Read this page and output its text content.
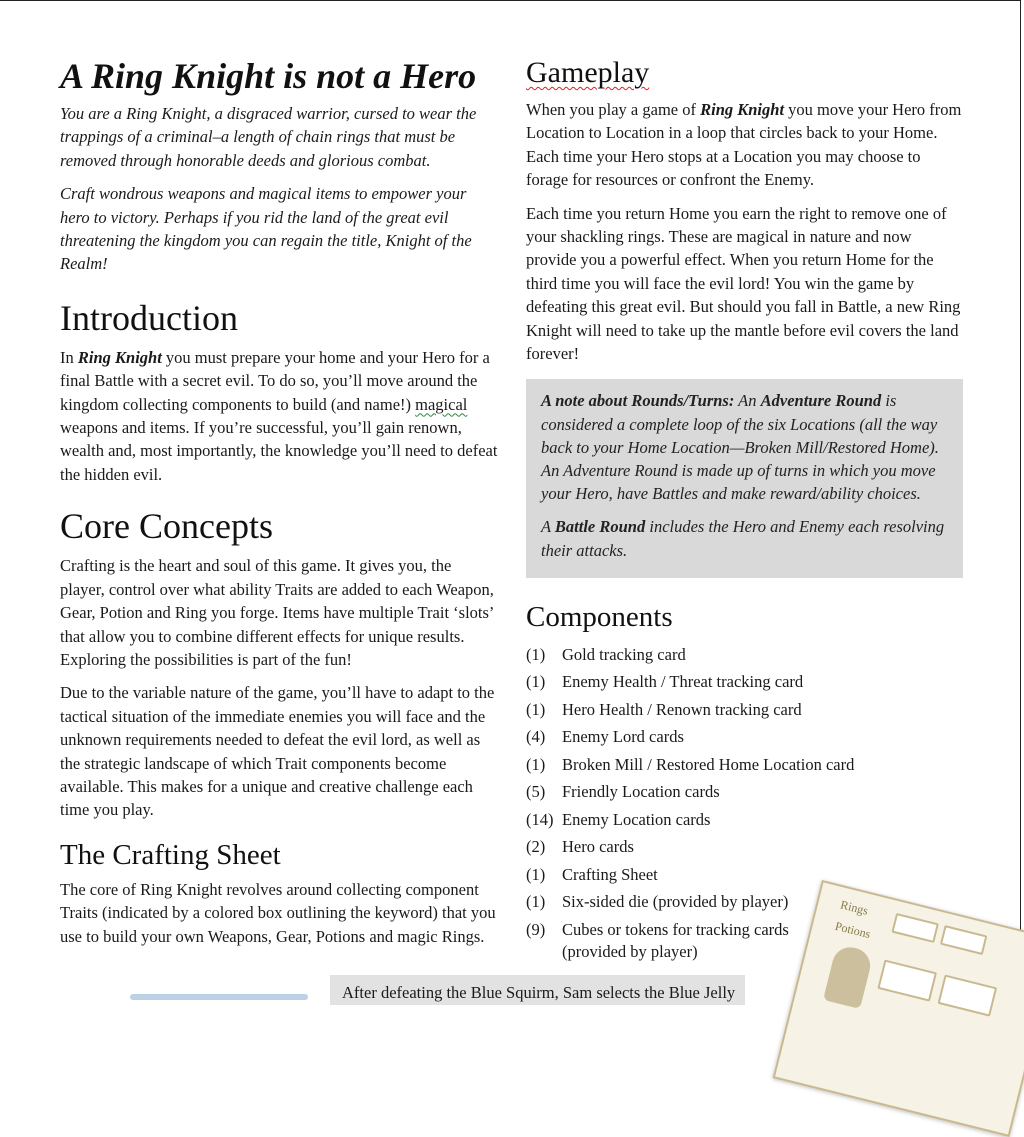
A Ring Knight is not a Hero

You are a Ring Knight, a disgraced warrior, cursed to wear the trappings of a criminal–a length of chain rings that must be removed through honorable deeds and glorious combat.

Craft wondrous weapons and magical items to empower your hero to victory. Perhaps if you rid the land of the great evil threatening the kingdom you can regain the title, Knight of the Realm!

Introduction

In Ring Knight you must prepare your home and your Hero for a final Battle with a secret evil. To do so, you’ll move around the kingdom collecting components to build (and name!) magical weapons and items. If you’re successful, you’ll gain renown, wealth and, most importantly, the knowledge you’ll need to defeat the hidden evil.

Core Concepts

Crafting is the heart and soul of this game. It gives you, the player, control over what ability Traits are added to each Weapon, Gear, Potion and Ring you forge. Items have multiple Trait ‘slots’ that allow you to combine different effects for unique results. Exploring the possibilities is part of the fun!

Due to the variable nature of the game, you’ll have to adapt to the tactical situation of the immediate enemies you will face and the unknown requirements needed to defeat the evil lord, as well as the strategic landscape of which Trait components become available. This makes for a unique and creative challenge each time you play.

The Crafting Sheet

The core of Ring Knight revolves around collecting component Traits (indicated by a colored box outlining the keyword) that you use to build your own Weapons, Gear, Potions and magic Rings.

Gameplay

When you play a game of Ring Knight you move your Hero from Location to Location in a loop that circles back to your Home. Each time your Hero stops at a Location you may choose to forage for resources or confront the Enemy.

Each time you return Home you earn the right to remove one of your shackling rings. These are magical in nature and now provide you a powerful effect. When you return Home for the third time you will face the evil lord! You win the game by defeating this great evil. But should you fall in Battle, a new Ring Knight will need to take up the mantle before evil covers the land forever!

A note about Rounds/Turns: An Adventure Round is considered a complete loop of the six Locations (all the way back to your Home Location—Broken Mill/Restored Home). An Adventure Round is made up of turns in which you move your Hero, have Battles and make reward/ability choices.

A Battle Round includes the Hero and Enemy each resolving their attacks.

Components
(1)	Gold tracking card
(1)	Enemy Health / Threat tracking card
(1)	Hero Health / Renown tracking card
(4)	Enemy Lord cards
(1)	Broken Mill / Restored Home Location card
(5)	Friendly Location cards
(14) Enemy Location cards
(2)	Hero cards
(1)	Crafting Sheet
(1)	Six-sided die (provided by player)
(9)	Cubes or tokens for tracking cards (provided by player)
Rings
Potions

After defeating the Blue Squirm, Sam selects the Blue Jelly
